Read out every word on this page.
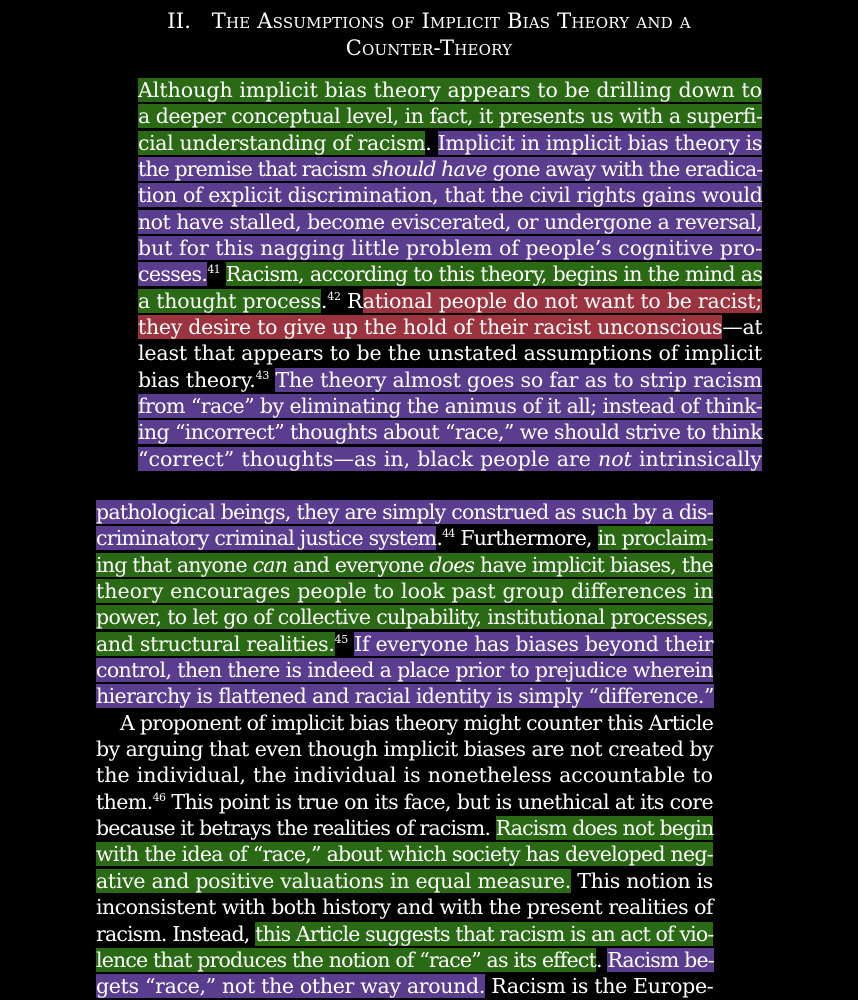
II. The Assumptions of Implicit Bias Theory and a
Counter-Theory
Although implicit bias theory appears to be drilling down to
a deeper conceptual level, in fact, it presents us with a superfi-
cial understanding of racism. Implicit in implicit bias theory is
the premise that racism should have gone away with the eradica-
tion of explicit discrimination, that the civil rights gains would
not have stalled, become eviscerated, or undergone a reversal,
but for this nagging little problem of people’s cognitive pro-
cesses.$^{41}$ Racism, according to this theory, begins in the mind as
a thought process.$^{42}$ Rational people do not want to be racist;
they desire to give up the hold of their racist unconscious—at
least that appears to be the unstated assumptions of implicit
bias theory.$^{43}$ The theory almost goes so far as to strip racism
from “race” by eliminating the animus of it all; instead of think-
ing “incorrect” thoughts about “race,” we should strive to think
“correct” thoughts—as in, black people are not intrinsically
pathological beings, they are simply construed as such by a dis-
criminatory criminal justice system.$^{44}$ Furthermore, in proclaim-
ing that anyone can and everyone does have implicit biases, the
theory encourages people to look past group differences in
power, to let go of collective culpability, institutional processes,
and structural realities.$^{45}$ If everyone has biases beyond their
control, then there is indeed a place prior to prejudice wherein
hierarchy is flattened and racial identity is simply “difference.”
A proponent of implicit bias theory might counter this Article
by arguing that even though implicit biases are not created by
the individual, the individual is nonetheless accountable to
them.$^{46}$ This point is true on its face, but is unethical at its core
because it betrays the realities of racism. Racism does not begin
with the idea of “race,” about which society has developed neg-
ative and positive valuations in equal measure. This notion is
inconsistent with both history and with the present realities of
racism. Instead, this Article suggests that racism is an act of vio-
lence that produces the notion of “race” as its effect. Racism be-
gets “race,” not the other way around. Racism is the Europe-
